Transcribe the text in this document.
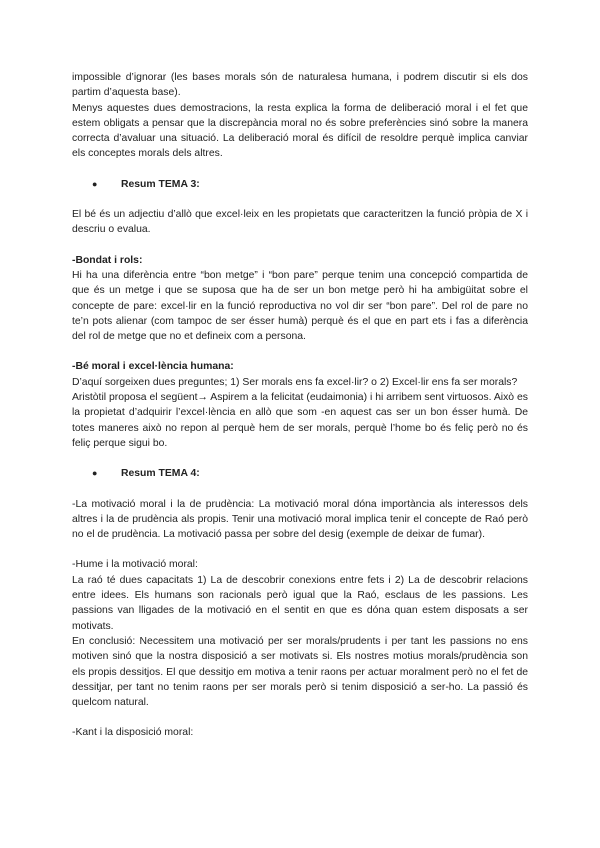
impossible d’ignorar (les bases morals són de naturalesa humana, i podrem discutir si els dos partim d’aquesta base).

Menys aquestes dues demostracions, la resta explica la forma de deliberació moral i el fet que estem obligats a pensar que la discrepància moral no és sobre preferències sinó sobre la manera correcta d’avaluar una situació. La deliberació moral és difícil de resoldre perquè implica canviar els conceptes morals dels altres.

●	Resum TEMA 3:

El bé és un adjectiu d’allò que excel·leix en les propietats que caracteritzen la funció pròpia de X i descriu o evalua.

-Bondat i rols:

Hi ha una diferència entre “bon metge” i “bon pare” perque tenim una concepció compartida de que és un metge i que se suposa que ha de ser un bon metge però hi ha ambigüitat sobre el concepte de pare: excel·lir en la funció reproductiva no vol dir ser “bon pare”. Del rol de pare no te’n pots alienar (com tampoc de ser ésser humà) perquè és el que en part ets i fas a diferència del rol de metge que no et defineix com a persona.

-Bé moral i excel·lència humana:

D’aquí sorgeixen dues preguntes; 1) Ser morals ens fa excel·lir? o 2) Excel·lir ens fa ser morals?

Aristòtil proposa el següent→ Aspirem a la felicitat (eudaimonia) i hi arribem sent virtuosos. Això es la propietat d’adquirir l’excel·lència en allò que som -en aquest cas ser un bon ésser humà. De totes maneres això no repon al perquè hem de ser morals, perquè l’home bo és feliç però no és feliç perque sigui bo.

●	Resum TEMA 4:

-La motivació moral i la de prudència: La motivació moral dóna importància als interessos dels altres i la de prudència als propis. Tenir una motivació moral implica tenir el concepte de Raó però no el de prudència. La motivació passa per sobre del desig (exemple de deixar de fumar).

-Hume i la motivació moral:

La raó té dues capacitats 1) La de descobrir conexions entre fets i 2) La de descobrir relacions entre idees. Els humans son racionals però igual que la Raó, esclaus de les passions. Les passions van lligades de la motivació en el sentit en que es dóna quan estem disposats a ser motivats.

En conclusió: Necessitem una motivació per ser morals/prudents i per tant les passions no ens motiven sinó que la nostra disposició a ser motivats si. Els nostres motius morals/prudència son els propis dessitjos. El que dessitjo em motiva a tenir raons per actuar moralment però no el fet de dessitjar, per tant no tenim raons per ser morals però si tenim disposició a ser-ho. La passió és quelcom natural.

-Kant i la disposició moral:
